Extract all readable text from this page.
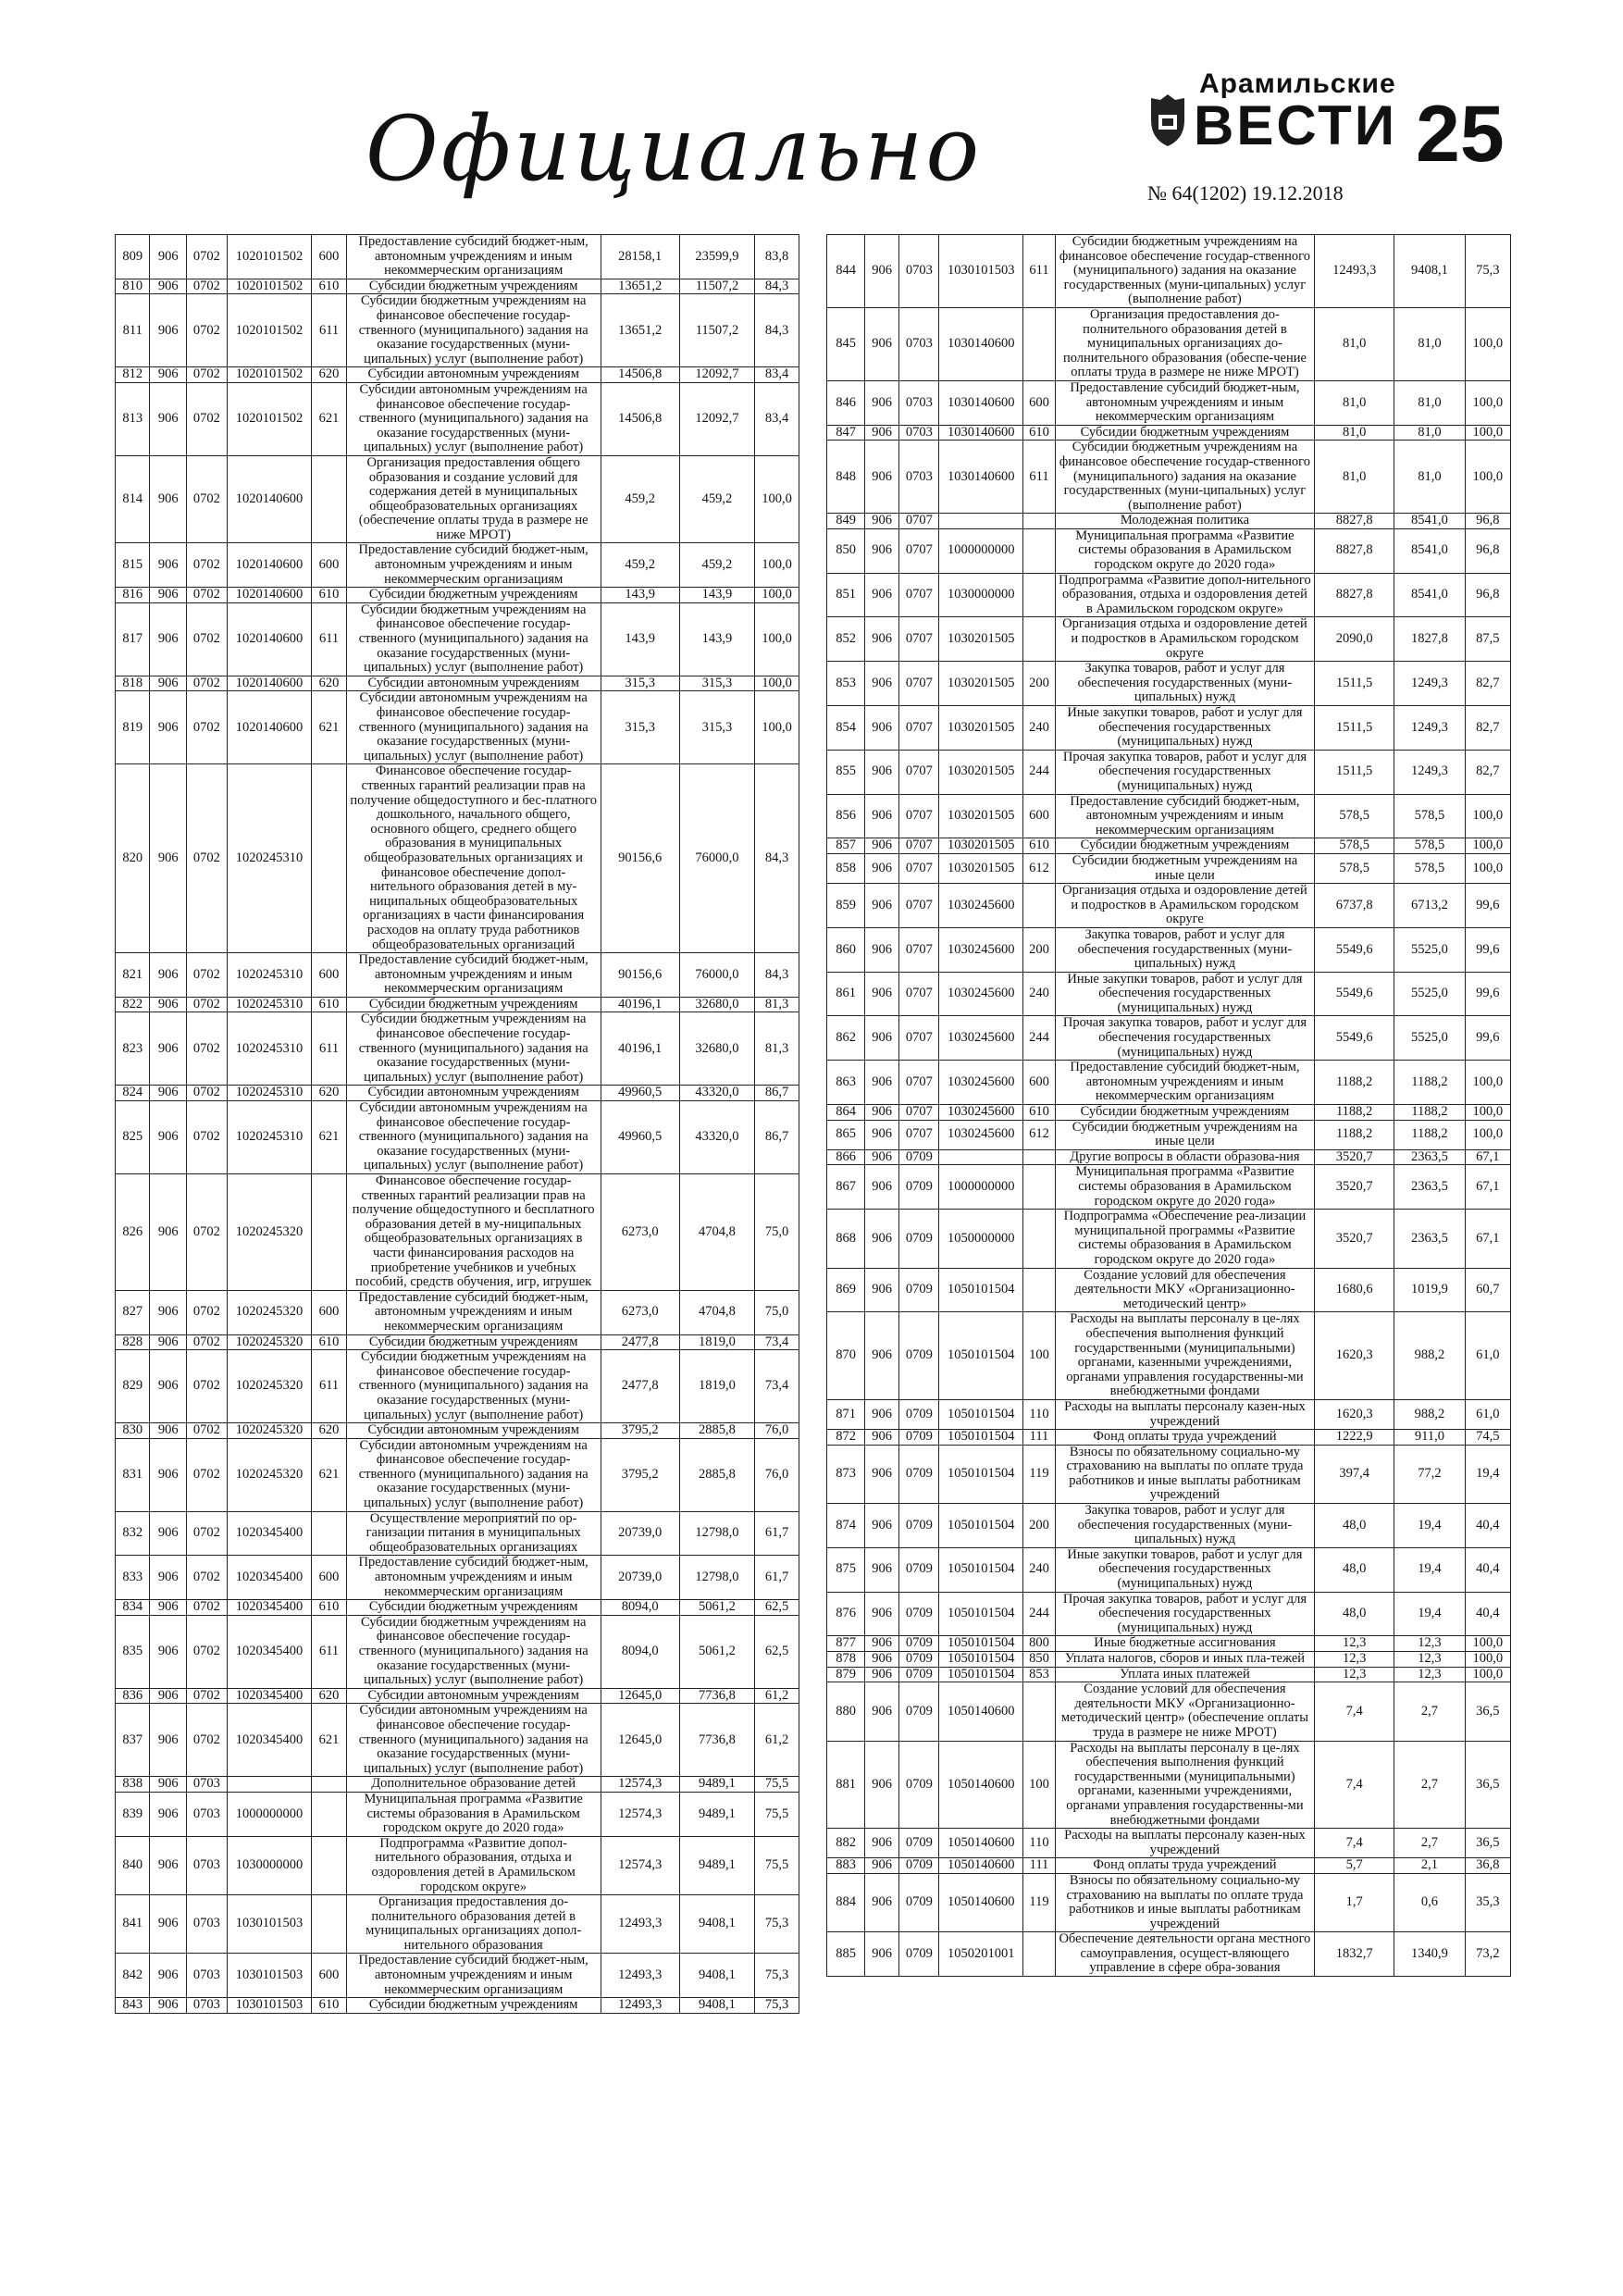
Официально
Арамильские
ВЕСТИ
№ 64(1202) 19.12.2018
25
809	906	0702	1020101502	600	Предоставление субсидий бюджет-ным, автономным учреждениям и иным некоммерческим организациям	28158,1	23599,9	83,8
810	906	0702	1020101502	610	Субсидии бюджетным учреждениям	13651,2	11507,2	84,3
811	906	0702	1020101502	611	Субсидии бюджетным учреждениям на финансовое обеспечение государ-ственного (муниципального) задания на оказание государственных (муни-ципальных) услуг (выполнение работ)	13651,2	11507,2	84,3
812	906	0702	1020101502	620	Субсидии автономным учреждениям	14506,8	12092,7	83,4
813	906	0702	1020101502	621	Субсидии автономным учреждениям на финансовое обеспечение государ-ственного (муниципального) задания на оказание государственных (муни-ципальных) услуг (выполнение работ)	14506,8	12092,7	83,4
814	906	0702	1020140600		Организация предоставления общего образования и создание условий для содержания детей в муниципальных общеобразовательных организациях (обеспечение оплаты труда в размере не ниже МРОТ)	459,2	459,2	100,0
815	906	0702	1020140600	600	Предоставление субсидий бюджет-ным, автономным учреждениям и иным некоммерческим организациям	459,2	459,2	100,0
816	906	0702	1020140600	610	Субсидии бюджетным учреждениям	143,9	143,9	100,0
817	906	0702	1020140600	611	Субсидии бюджетным учреждениям на финансовое обеспечение государ-ственного (муниципального) задания на оказание государственных (муни-ципальных) услуг (выполнение работ)	143,9	143,9	100,0
818	906	0702	1020140600	620	Субсидии автономным учреждениям	315,3	315,3	100,0
819	906	0702	1020140600	621	Субсидии автономным учреждениям на финансовое обеспечение государ-ственного (муниципального) задания на оказание государственных (муни-ципальных) услуг (выполнение работ)	315,3	315,3	100,0
820	906	0702	1020245310		Финансовое обеспечение государ-ственных гарантий реализации прав на получение общедоступного и бес-платного дошкольного, начального общего, основного общего, среднего общего образования в муниципальных общеобразовательных организациях и финансовое обеспечение допол-нительного образования детей в му-ниципальных общеобразовательных организациях в части финансирования расходов на оплату труда работников общеобразовательных организаций	90156,6	76000,0	84,3
821	906	0702	1020245310	600	Предоставление субсидий бюджет-ным, автономным учреждениям и иным некоммерческим организациям	90156,6	76000,0	84,3
822	906	0702	1020245310	610	Субсидии бюджетным учреждениям	40196,1	32680,0	81,3
823	906	0702	1020245310	611	Субсидии бюджетным учреждениям на финансовое обеспечение государ-ственного (муниципального) задания на оказание государственных (муни-ципальных) услуг (выполнение работ)	40196,1	32680,0	81,3
824	906	0702	1020245310	620	Субсидии автономным учреждениям	49960,5	43320,0	86,7
825	906	0702	1020245310	621	Субсидии автономным учреждениям на финансовое обеспечение государ-ственного (муниципального) задания на оказание государственных (муни-ципальных) услуг (выполнение работ)	49960,5	43320,0	86,7
826	906	0702	1020245320		Финансовое обеспечение государ-ственных гарантий реализации прав на получение общедоступного и бесплатного образования детей в му-ниципальных общеобразовательных организациях в части финансирования расходов на приобретение учебников и учебных пособий, средств обучения, игр, игрушек	6273,0	4704,8	75,0
827	906	0702	1020245320	600	Предоставление субсидий бюджет-ным, автономным учреждениям и иным некоммерческим организациям	6273,0	4704,8	75,0
828	906	0702	1020245320	610	Субсидии бюджетным учреждениям	2477,8	1819,0	73,4
829	906	0702	1020245320	611	Субсидии бюджетным учреждениям на финансовое обеспечение государ-ственного (муниципального) задания на оказание государственных (муни-ципальных) услуг (выполнение работ)	2477,8	1819,0	73,4
830	906	0702	1020245320	620	Субсидии автономным учреждениям	3795,2	2885,8	76,0
831	906	0702	1020245320	621	Субсидии автономным учреждениям на финансовое обеспечение государ-ственного (муниципального) задания на оказание государственных (муни-ципальных) услуг (выполнение работ)	3795,2	2885,8	76,0
832	906	0702	1020345400		Осуществление мероприятий по ор-ганизации питания в муниципальных общеобразовательных организациях	20739,0	12798,0	61,7
833	906	0702	1020345400	600	Предоставление субсидий бюджет-ным, автономным учреждениям и иным некоммерческим организациям	20739,0	12798,0	61,7
834	906	0702	1020345400	610	Субсидии бюджетным учреждениям	8094,0	5061,2	62,5
835	906	0702	1020345400	611	Субсидии бюджетным учреждениям на финансовое обеспечение государ-ственного (муниципального) задания на оказание государственных (муни-ципальных) услуг (выполнение работ)	8094,0	5061,2	62,5
836	906	0702	1020345400	620	Субсидии автономным учреждениям	12645,0	7736,8	61,2
837	906	0702	1020345400	621	Субсидии автономным учреждениям на финансовое обеспечение государ-ственного (муниципального) задания на оказание государственных (муни-ципальных) услуг (выполнение работ)	12645,0	7736,8	61,2
838	906	0703			Дополнительное образование детей	12574,3	9489,1	75,5
839	906	0703	1000000000		Муниципальная программа «Развитие системы образования в Арамильском городском округе до 2020 года»	12574,3	9489,1	75,5
840	906	0703	1030000000		Подпрограмма «Развитие допол-нительного образования, отдыха и оздоровления детей в Арамильском городском округе»	12574,3	9489,1	75,5
841	906	0703	1030101503		Организация предоставления до-полнительного образования детей в муниципальных организациях допол-нительного образования	12493,3	9408,1	75,3
842	906	0703	1030101503	600	Предоставление субсидий бюджет-ным, автономным учреждениям и иным некоммерческим организациям	12493,3	9408,1	75,3
843	906	0703	1030101503	610	Субсидии бюджетным учреждениям	12493,3	9408,1	75,3
844	906	0703	1030101503	611	Субсидии бюджетным учреждениям на финансовое обеспечение государ-ственного (муниципального) задания на оказание государственных (муни-ципальных) услуг (выполнение работ)	12493,3	9408,1	75,3
845	906	0703	1030140600		Организация предоставления до-полнительного образования детей в муниципальных организациях до-полнительного образования (обеспе-чение оплаты труда в размере не ниже МРОТ)	81,0	81,0	100,0
846	906	0703	1030140600	600	Предоставление субсидий бюджет-ным, автономным учреждениям и иным некоммерческим организациям	81,0	81,0	100,0
847	906	0703	1030140600	610	Субсидии бюджетным учреждениям	81,0	81,0	100,0
848	906	0703	1030140600	611	Субсидии бюджетным учреждениям на финансовое обеспечение государ-ственного (муниципального) задания на оказание государственных (муни-ципальных) услуг (выполнение работ)	81,0	81,0	100,0
849	906	0707			Молодежная политика	8827,8	8541,0	96,8
850	906	0707	1000000000		Муниципальная программа «Развитие системы образования в Арамильском городском округе до 2020 года»	8827,8	8541,0	96,8
851	906	0707	1030000000		Подпрограмма «Развитие допол-нительного образования, отдыха и оздоровления детей в Арамильском городском округе»	8827,8	8541,0	96,8
852	906	0707	1030201505		Организация отдыха и оздоровление детей и подростков в Арамильском городском округе	2090,0	1827,8	87,5
853	906	0707	1030201505	200	Закупка товаров, работ и услуг для обеспечения государственных (муни-ципальных) нужд	1511,5	1249,3	82,7
854	906	0707	1030201505	240	Иные закупки товаров, работ и услуг для обеспечения государственных (муниципальных) нужд	1511,5	1249,3	82,7
855	906	0707	1030201505	244	Прочая закупка товаров, работ и услуг для обеспечения государственных (муниципальных) нужд	1511,5	1249,3	82,7
856	906	0707	1030201505	600	Предоставление субсидий бюджет-ным, автономным учреждениям и иным некоммерческим организациям	578,5	578,5	100,0
857	906	0707	1030201505	610	Субсидии бюджетным учреждениям	578,5	578,5	100,0
858	906	0707	1030201505	612	Субсидии бюджетным учреждениям на иные цели	578,5	578,5	100,0
859	906	0707	1030245600		Организация отдыха и оздоровление детей и подростков в Арамильском городском округе	6737,8	6713,2	99,6
860	906	0707	1030245600	200	Закупка товаров, работ и услуг для обеспечения государственных (муни-ципальных) нужд	5549,6	5525,0	99,6
861	906	0707	1030245600	240	Иные закупки товаров, работ и услуг для обеспечения государственных (муниципальных) нужд	5549,6	5525,0	99,6
862	906	0707	1030245600	244	Прочая закупка товаров, работ и услуг для обеспечения государственных (муниципальных) нужд	5549,6	5525,0	99,6
863	906	0707	1030245600	600	Предоставление субсидий бюджет-ным, автономным учреждениям и иным некоммерческим организациям	1188,2	1188,2	100,0
864	906	0707	1030245600	610	Субсидии бюджетным учреждениям	1188,2	1188,2	100,0
865	906	0707	1030245600	612	Субсидии бюджетным учреждениям на иные цели	1188,2	1188,2	100,0
866	906	0709			Другие вопросы в области образова-ния	3520,7	2363,5	67,1
867	906	0709	1000000000		Муниципальная программа «Развитие системы образования в Арамильском городском округе до 2020 года»	3520,7	2363,5	67,1
868	906	0709	1050000000		Подпрограмма «Обеспечение реа-лизации муниципальной программы «Развитие системы образования в Арамильском городском округе до 2020 года»	3520,7	2363,5	67,1
869	906	0709	1050101504		Создание условий для обеспечения деятельности МКУ «Организационно-методический центр»	1680,6	1019,9	60,7
870	906	0709	1050101504	100	Расходы на выплаты персоналу в це-лях обеспечения выполнения функций государственными (муниципальными) органами, казенными учреждениями, органами управления государственны-ми внебюджетными фондами	1620,3	988,2	61,0
871	906	0709	1050101504	110	Расходы на выплаты персоналу казен-ных учреждений	1620,3	988,2	61,0
872	906	0709	1050101504	111	Фонд оплаты труда учреждений	1222,9	911,0	74,5
873	906	0709	1050101504	119	Взносы по обязательному социально-му страхованию на выплаты по оплате труда работников и иные выплаты работникам учреждений	397,4	77,2	19,4
874	906	0709	1050101504	200	Закупка товаров, работ и услуг для обеспечения государственных (муни-ципальных) нужд	48,0	19,4	40,4
875	906	0709	1050101504	240	Иные закупки товаров, работ и услуг для обеспечения государственных (муниципальных) нужд	48,0	19,4	40,4
876	906	0709	1050101504	244	Прочая закупка товаров, работ и услуг для обеспечения государственных (муниципальных) нужд	48,0	19,4	40,4
877	906	0709	1050101504	800	Иные бюджетные ассигнования	12,3	12,3	100,0
878	906	0709	1050101504	850	Уплата налогов, сборов и иных пла-тежей	12,3	12,3	100,0
879	906	0709	1050101504	853	Уплата иных платежей	12,3	12,3	100,0
880	906	0709	1050140600		Создание условий для обеспечения деятельности МКУ «Организационно-методический центр» (обеспечение оплаты труда в размере не ниже МРОТ)	7,4	2,7	36,5
881	906	0709	1050140600	100	Расходы на выплаты персоналу в це-лях обеспечения выполнения функций государственными (муниципальными) органами, казенными учреждениями, органами управления государственны-ми внебюджетными фондами	7,4	2,7	36,5
882	906	0709	1050140600	110	Расходы на выплаты персоналу казен-ных учреждений	7,4	2,7	36,5
883	906	0709	1050140600	111	Фонд оплаты труда учреждений	5,7	2,1	36,8
884	906	0709	1050140600	119	Взносы по обязательному социально-му страхованию на выплаты по оплате труда работников и иные выплаты работникам учреждений	1,7	0,6	35,3
885	906	0709	1050201001		Обеспечение деятельности органа местного самоуправления, осущест-вляющего управление в сфере обра-зования	1832,7	1340,9	73,2
